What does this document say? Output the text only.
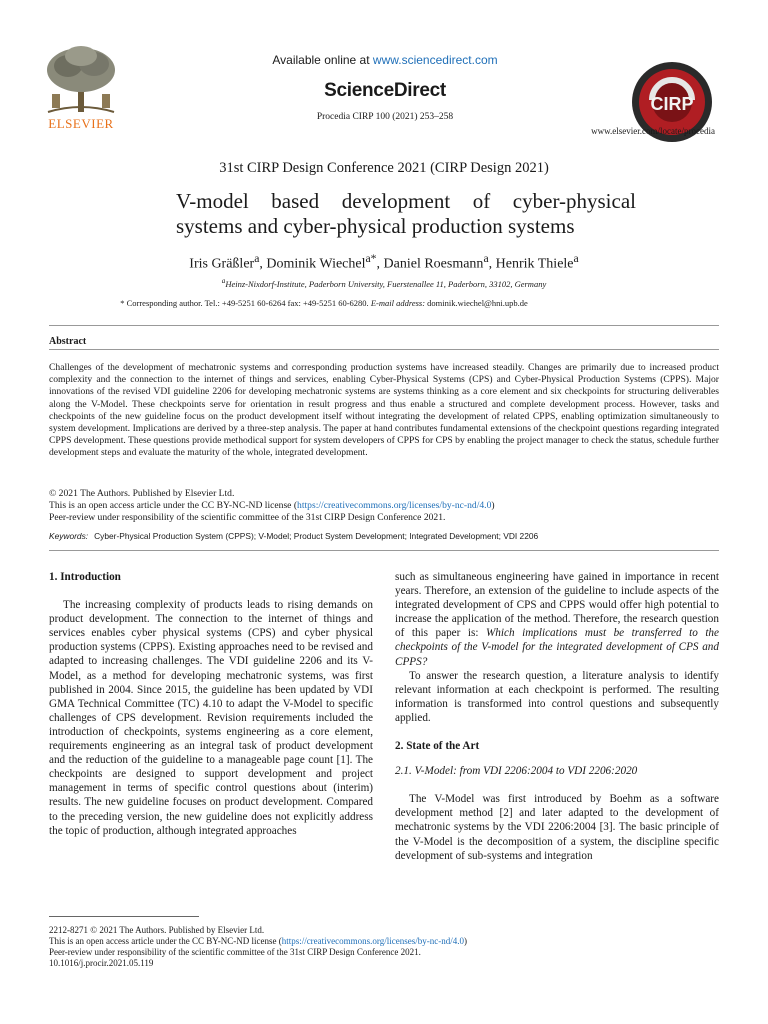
ELSEVIER
Available online at www.sciencedirect.com
ScienceDirect
Procedia CIRP 100 (2021) 253–258
CIRP
www.elsevier.com/locate/procedia
31st CIRP Design Conference 2021 (CIRP Design 2021)
V-model based development of cyber-physical
systems and cyber-physical production systems
Iris Gräßler$^a$, Dominik Wiechel$^{a*}$, Daniel Roesmann$^a$, Henrik Thiele$^a$
$^a$Heinz-Nixdorf-Institute, Paderborn University, Fuerstenallee 11, Paderborn, 33102, Germany
* Corresponding author. Tel.: +49-5251 60-6264 fax: +49-5251 60-6280. E-mail address: dominik.wiechel@hni.upb.de
Abstract
Challenges of the development of mechatronic systems and corresponding production systems have increased steadily. Changes are primarily due to increased product complexity and the connection to the internet of things and services, enabling Cyber-Physical Systems (CPS) and Cyber-Physical Production Systems (CPPS). Major innovations of the revised VDI guideline 2206 for developing mechatronic systems are systems thinking as a core element and six checkpoints for structuring deliverables along the V-Model. These checkpoints serve for orientation in result progress and thus enable a structured and complete development process. However, tasks and checkpoints of the new guideline focus on the product development itself without integrating the development of related CPPS, enabling optimization simultaneously to system development. Implications are derived by a three-step analysis. The paper at hand contributes fundamental extensions of the checkpoint questions regarding integrated CPPS development. These questions provide methodical support for system developers of CPPS for CPS by enabling the project manager to check the status, schedule further development steps and evaluate the maturity of the whole, integrated development.
© 2021 The Authors. Published by Elsevier Ltd.
This is an open access article under the CC BY-NC-ND license (https://creativecommons.org/licenses/by-nc-nd/4.0)
Peer-review under responsibility of the scientific committee of the 31st CIRP Design Conference 2021.
Keywords: Cyber-Physical Production System (CPPS); V-Model; Product System Development; Integrated Development; VDI 2206

1. Introduction

The increasing complexity of products leads to rising demands on product development. The connection to the internet of things and services enables cyber physical systems (CPS) and cyber physical production systems (CPPS). Existing approaches need to be revised and adapted to increasing challenges. The VDI guideline 2206 and its V-Model, as a method for developing mechatronic systems, was first published in 2004. Since 2015, the guideline has been updated by VDI GMA Technical Committee (TC) 4.10 to adapt the V-Model to specific challenges of CPS development. Revision requirements included the introduction of checkpoints, systems engineering as a core element, requirements engineering as an integral task of product development and the reduction of the guideline to a manageable page count [1]. The checkpoints are designed to support development and project management in terms of specific control questions about (interim) results. The new guideline focuses on product development. Compared to the preceding version, the new guideline does not explicitly address the topic of production, although integrated approaches

such as simultaneous engineering have gained in importance in recent years. Therefore, an extension of the guideline to include aspects of the integrated development of CPS and CPPS would offer high potential to increase the application of the method. Therefore, the research question of this paper is: Which implications must be transferred to the checkpoints of the V-model for the integrated development of CPS and CPPS?

To answer the research question, a literature analysis to identify relevant information at each checkpoint is performed. The resulting information is transformed into control questions and subsequently applied.

2. State of the Art

2.1. V-Model: from VDI 2206:2004 to VDI 2206:2020

The V-Model was first introduced by Boehm as a software development method [2] and later adapted to the development of mechatronic systems by the VDI 2206:2004 [3]. The basic principle of the V-Model is the decomposition of a system, the discipline specific development of sub-systems and integration

2212-8271 © 2021 The Authors. Published by Elsevier Ltd.
This is an open access article under the CC BY-NC-ND license (https://creativecommons.org/licenses/by-nc-nd/4.0)
Peer-review under responsibility of the scientific committee of the 31st CIRP Design Conference 2021.
10.1016/j.procir.2021.05.119
